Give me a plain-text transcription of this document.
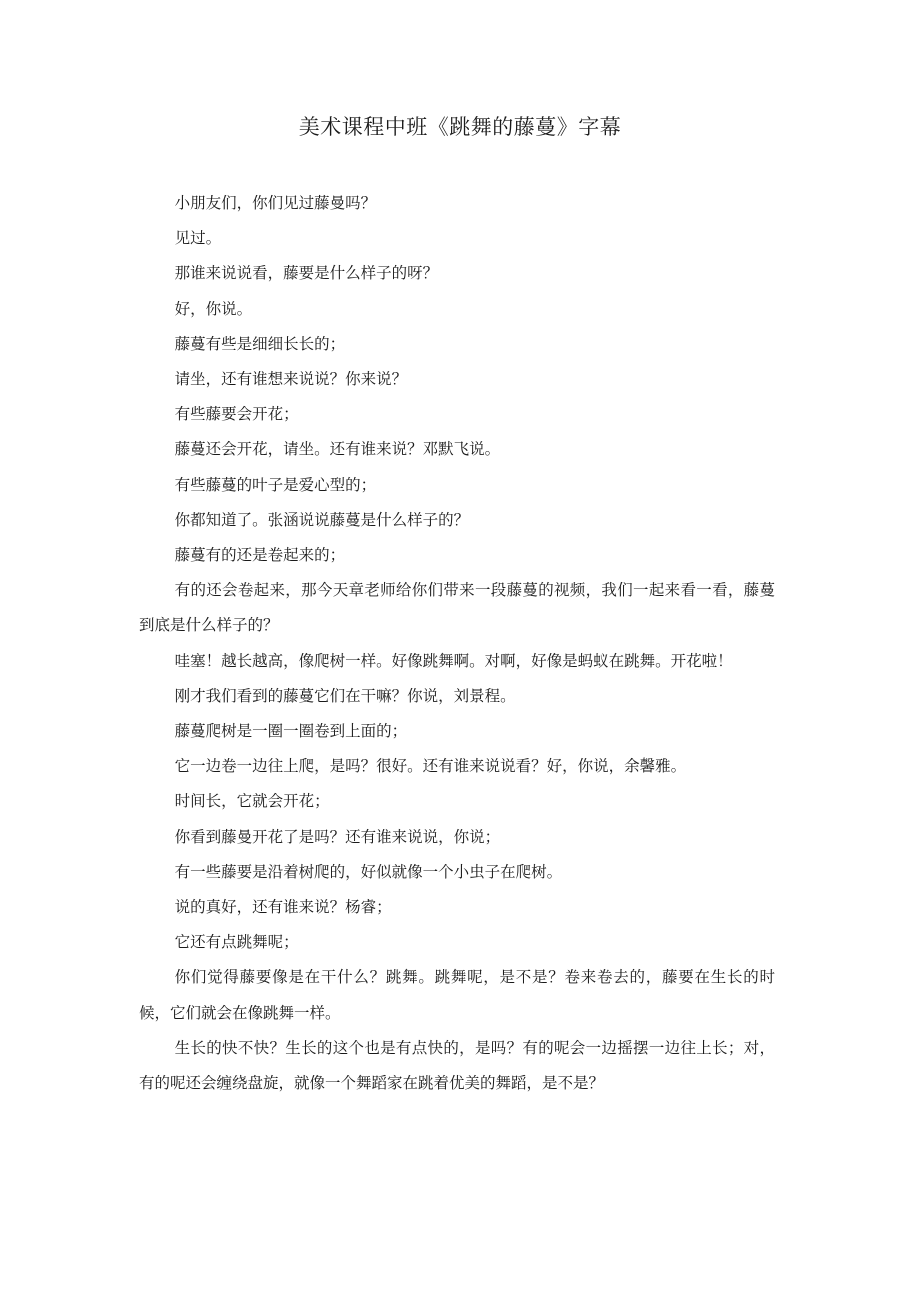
美术课程中班《跳舞的藤蔓》字幕

小朋友们，你们见过藤曼吗？

见过。

那谁来说说看，藤要是什么样子的呀？

好，你说。

藤蔓有些是细细长长的；

请坐，还有谁想来说说？你来说？

有些藤要会开花；

藤蔓还会开花，请坐。还有谁来说？邓默飞说。

有些藤蔓的叶子是爱心型的；

你都知道了。张涵说说藤蔓是什么样子的？

藤蔓有的还是卷起来的；

有的还会卷起来，那今天章老师给你们带来一段藤蔓的视频，我们一起来看一看，藤蔓到底是什么样子的？

哇塞！越长越高，像爬树一样。好像跳舞啊。对啊，好像是蚂蚁在跳舞。开花啦！

刚才我们看到的藤蔓它们在干嘛？你说，刘景程。

藤蔓爬树是一圈一圈卷到上面的；

它一边卷一边往上爬，是吗？很好。还有谁来说说看？好，你说，余馨雅。

时间长，它就会开花；

你看到藤曼开花了是吗？还有谁来说说，你说；

有一些藤要是沿着树爬的，好似就像一个小虫子在爬树。

说的真好，还有谁来说？杨睿；

它还有点跳舞呢；

你们觉得藤要像是在干什么？跳舞。跳舞呢，是不是？卷来卷去的，藤要在生长的时候，它们就会在像跳舞一样。

生长的快不快？生长的这个也是有点快的，是吗？有的呢会一边摇摆一边往上长；对，有的呢还会缠绕盘旋，就像一个舞蹈家在跳着优美的舞蹈，是不是？
